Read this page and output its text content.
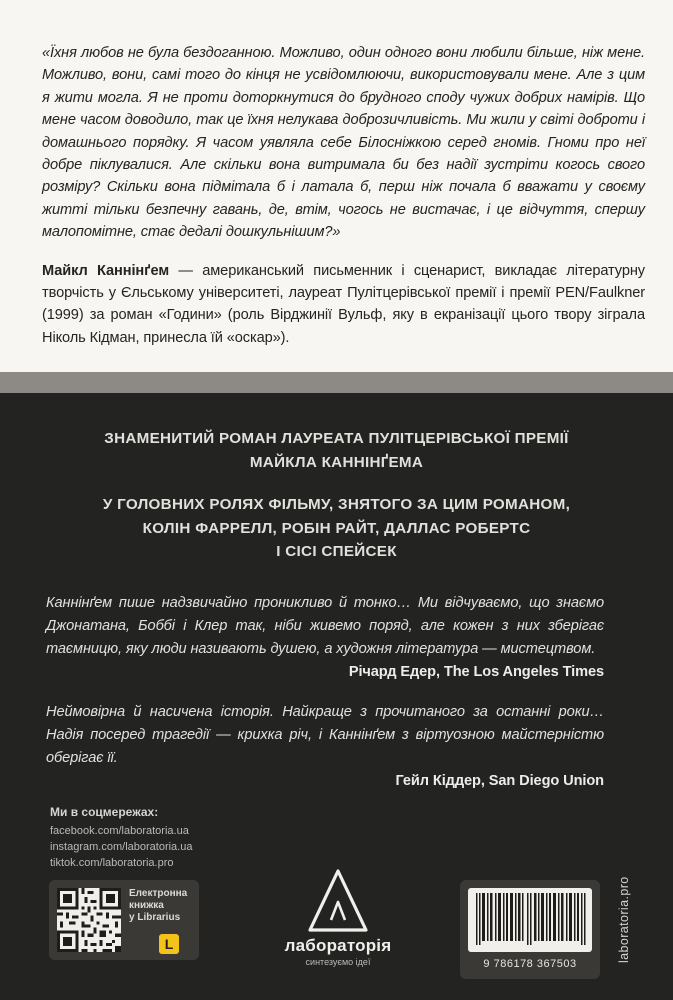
«Їхня любов не була бездоганною. Можливо, один одного вони любили більше, ніж мене. Можливо, вони, самі того до кінця не усвідомлюючи, використовували мене. Але з цим я жити могла. Я не проти доторкнутися до брудного споду чужих добрих намірів. Що мене часом доводило, так це їхня нелукава доброзичливість. Ми жили у світі доброти і домашнього порядку. Я часом уявляла себе Білосніжкою серед гномів. Гноми про неї добре піклувалися. Але скільки вона витримала би без надії зустріти когось свого розміру? Скільки вона підмітала б і латала б, перш ніж почала б вважати у своєму житті тільки безпечну гавань, де, втім, чогось не вистачає, і це відчуття, спершу малопомітне, стає дедалі дошкульнішим?»

Майкл Каннінґем — американський письменник і сценарист, викладає літературну творчість у Єльському університеті, лауреат Пулітцерівської премії і премії PEN/Faulkner (1999) за роман «Години» (роль Вірджинії Вульф, яку в екранізації цього твору зіграла Ніколь Кідман, принесла їй «оскар»).

ЗНАМЕНИТИЙ РОМАН ЛАУРЕАТА ПУЛІТЦЕРІВСЬКОЇ ПРЕМІЇ
МАЙКЛА КАННІНҐЕМА
У ГОЛОВНИХ РОЛЯХ ФІЛЬМУ, ЗНЯТОГО ЗА ЦИМ РОМАНОМ,
КОЛІН ФАРРЕЛЛ, РОБІН РАЙТ, ДАЛЛАС РОБЕРТС
І СІСІ СПЕЙСЕК
Каннінґем пише надзвичайно проникливо й тонко… Ми відчуваємо, що знаємо Джонатана, Боббі і Клер так, ніби живемо поряд, але кожен з них зберігає таємницю, яку люди називають душею, а художня література — мистецтвом.
Річард Едер, The Los Angeles Times
Неймовірна й насичена історія. Найкраще з прочитаного за останні роки… Надія посеред трагедії — крихка річ, і Каннінґем з віртуозною майстерністю оберігає її.
Гейл Кіддер, San Diego Union
Ми в соцмережах:
facebook.com/laboratoria.ua
instagram.com/laboratoria.ua
tiktok.com/laboratoria.pro
Електронна
книжка
у Librarius
L	лабораторія
синтезуємо ідеї	9 786178 367503
laboratoria.pro
